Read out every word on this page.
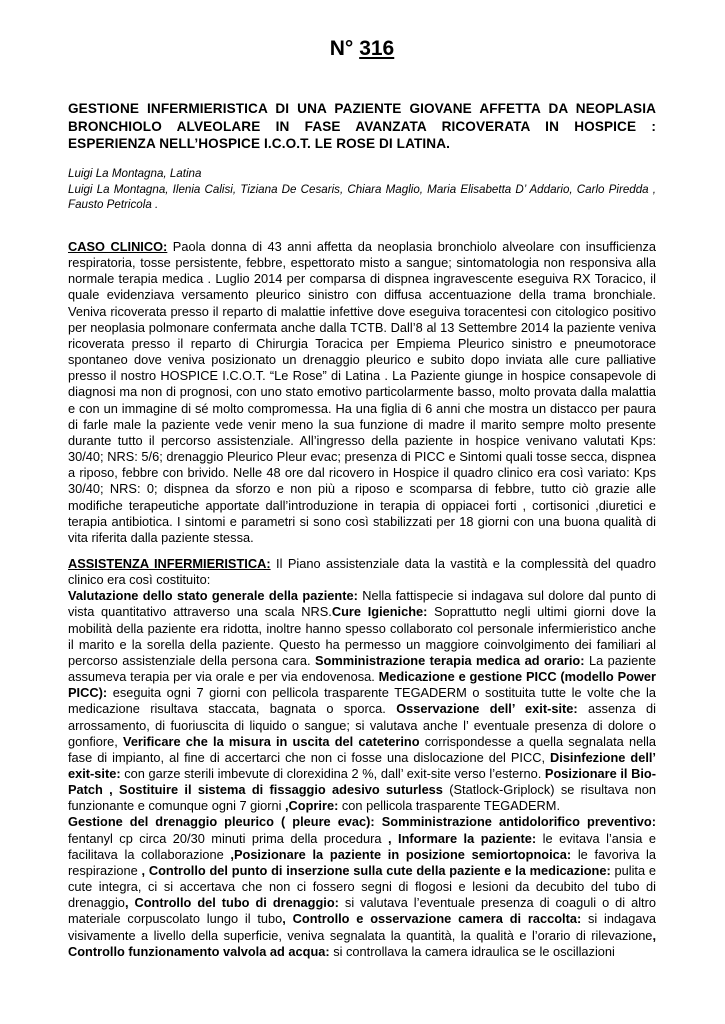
N° 316
GESTIONE INFERMIERISTICA DI UNA PAZIENTE GIOVANE AFFETTA DA NEOPLASIA BRONCHIOLO ALVEOLARE IN FASE AVANZATA RICOVERATA IN HOSPICE : ESPERIENZA NELL’HOSPICE I.C.O.T. LE ROSE DI LATINA.
Luigi La Montagna, Latina
Luigi La Montagna, Ilenia Calisi, Tiziana De Cesaris, Chiara Maglio, Maria Elisabetta D’ Addario, Carlo Piredda , Fausto Petricola .

CASO CLINICO: Paola donna di 43 anni affetta da neoplasia bronchiolo alveolare con insufficienza respiratoria, tosse persistente, febbre, espettorato misto a sangue; sintomatologia non responsiva alla normale terapia medica . Luglio 2014 per comparsa di dispnea ingravescente eseguiva RX Toracico, il quale evidenziava versamento pleurico sinistro con diffusa accentuazione della trama bronchiale. Veniva ricoverata presso il reparto di malattie infettive dove eseguiva toracentesi con citologico positivo per neoplasia polmonare confermata anche dalla TCTB. Dall’8 al 13 Settembre 2014 la paziente veniva ricoverata presso il reparto di Chirurgia Toracica per Empiema Pleurico sinistro e pneumotorace spontaneo dove veniva posizionato un drenaggio pleurico e subito dopo inviata alle cure palliative presso il nostro HOSPICE I.C.O.T. “Le Rose” di Latina . La Paziente giunge in hospice consapevole di diagnosi ma non di prognosi, con uno stato emotivo particolarmente basso, molto provata dalla malattia e con un immagine di sé molto compromessa. Ha una figlia di 6 anni che mostra un distacco per paura di farle male la paziente vede venir meno la sua funzione di madre il marito sempre molto presente durante tutto il percorso assistenziale. All’ingresso della paziente in hospice venivano valutati Kps: 30/40; NRS: 5/6; drenaggio Pleurico Pleur evac; presenza di PICC e Sintomi quali tosse secca, dispnea a riposo, febbre con brivido. Nelle 48 ore dal ricovero in Hospice il quadro clinico era così variato: Kps 30/40; NRS: 0; dispnea da sforzo e non più a riposo e scomparsa di febbre, tutto ciò grazie alle modifiche terapeutiche apportate dall’introduzione in terapia di oppiacei forti , cortisonici ,diuretici e terapia antibiotica. I sintomi e parametri si sono così stabilizzati per 18 giorni con una buona qualità di vita riferita dalla paziente stessa.

ASSISTENZA INFERMIERISTICA: Il Piano assistenziale data la vastità e la complessità del quadro clinico era così costituito:

Valutazione dello stato generale della paziente: Nella fattispecie si indagava sul dolore dal punto di vista quantitativo attraverso una scala NRS.Cure Igieniche: Soprattutto negli ultimi giorni dove la mobilità della paziente era ridotta, inoltre hanno spesso collaborato col personale infermieristico anche il marito e la sorella della paziente. Questo ha permesso un maggiore coinvolgimento dei familiari al percorso assistenziale della persona cara. Somministrazione terapia medica ad orario: La paziente assumeva terapia per via orale e per via endovenosa. Medicazione e gestione PICC (modello Power PICC): eseguita ogni 7 giorni con pellicola trasparente TEGADERM o sostituita tutte le volte che la medicazione risultava staccata, bagnata o sporca. Osservazione dell’ exit-site: assenza di arrossamento, di fuoriuscita di liquido o sangue; si valutava anche l’ eventuale presenza di dolore o gonfiore, Verificare che la misura in uscita del cateterino corrispondesse a quella segnalata nella fase di impianto, al fine di accertarci che non ci fosse una dislocazione del PICC, Disinfezione dell’ exit-site: con garze sterili imbevute di clorexidina 2 %, dall’ exit-site verso l’esterno. Posizionare il Bio-Patch , Sostituire il sistema di fissaggio adesivo suturless (Statlock-Griplock) se risultava non funzionante e comunque ogni 7 giorni ,Coprire: con pellicola trasparente TEGADERM.

Gestione del drenaggio pleurico ( pleure evac): Somministrazione antidolorifico preventivo: fentanyl cp circa 20/30 minuti prima della procedura , Informare la paziente: le evitava l’ansia e facilitava la collaborazione ,Posizionare la paziente in posizione semiortopnoica: le favoriva la respirazione , Controllo del punto di inserzione sulla cute della paziente e la medicazione: pulita e cute integra, ci si accertava che non ci fossero segni di flogosi e lesioni da decubito del tubo di drenaggio, Controllo del tubo di drenaggio: si valutava l’eventuale presenza di coaguli o di altro materiale corpuscolato lungo il tubo, Controllo e osservazione camera di raccolta: si indagava visivamente a livello della superficie, veniva segnalata la quantità, la qualità e l’orario di rilevazione, Controllo funzionamento valvola ad acqua: si controllava la camera idraulica se le oscillazioni
